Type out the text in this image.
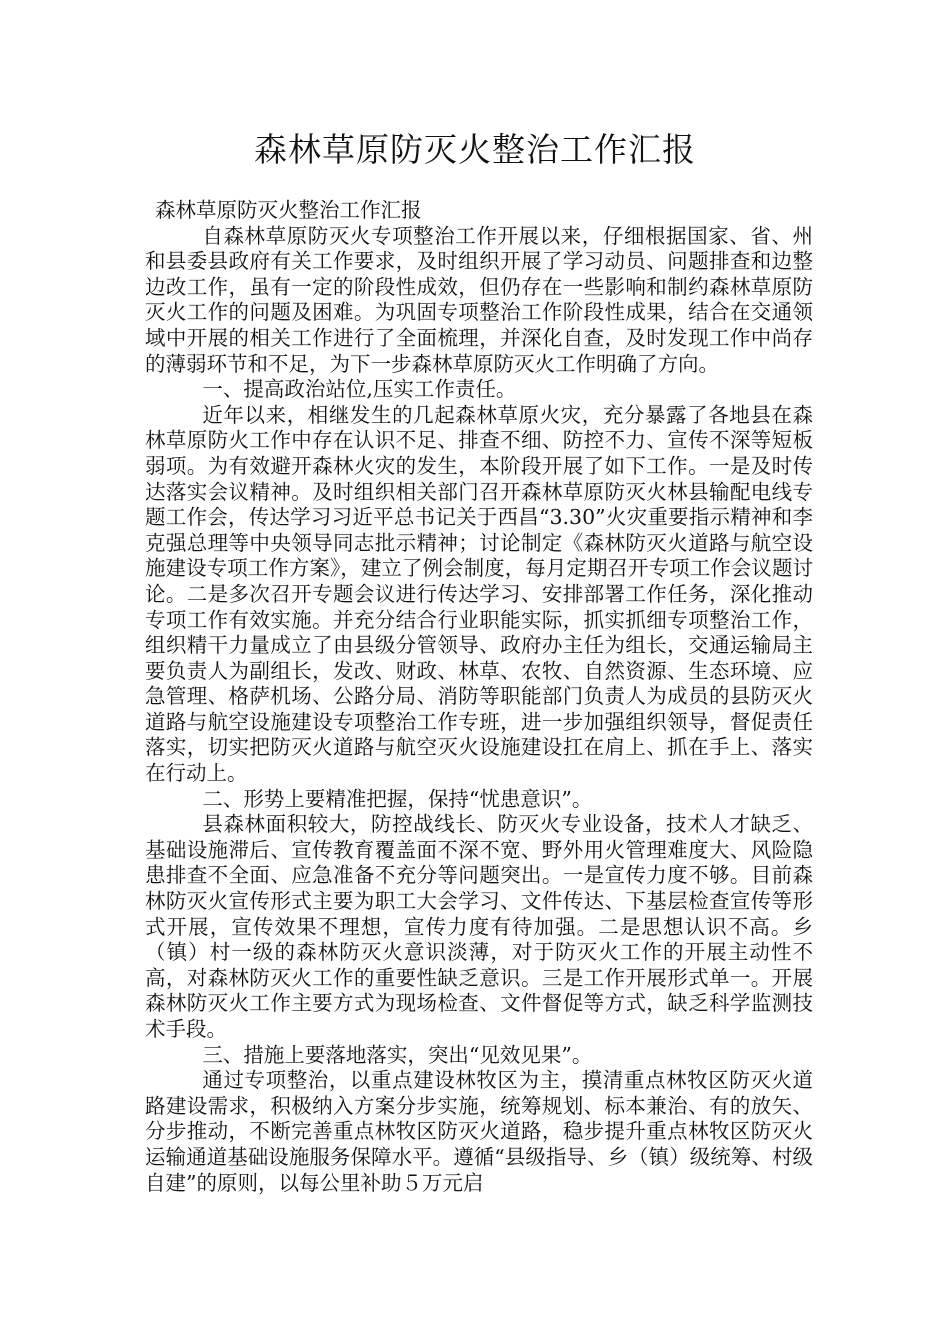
森林草原防灭火整治工作汇报

森林草原防灭火整治工作汇报

自森林草原防灭火专项整治工作开展以来，仔细根据国家、省、州和县委县政府有关工作要求，及时组织开展了学习动员、问题排查和边整边改工作，虽有一定的阶段性成效，但仍存在一些影响和制约森林草原防灭火工作的问题及困难。为巩固专项整治工作阶段性成果，结合在交通领域中开展的相关工作进行了全面梳理，并深化自查，及时发现工作中尚存的薄弱环节和不足，为下一步森林草原防灭火工作明确了方向。

一、提高政治站位,压实工作责任。

近年以来，相继发生的几起森林草原火灾，充分暴露了各地县在森林草原防火工作中存在认识不足、排查不细、防控不力、宣传不深等短板弱项。为有效避开森林火灾的发生，本阶段开展了如下工作。一是及时传达落实会议精神。及时组织相关部门召开森林草原防灭火林县输配电线专题工作会，传达学习习近平总书记关于西昌“3.30”火灾重要指示精神和李克强总理等中央领导同志批示精神；讨论制定《森林防灭火道路与航空设施建设专项工作方案》，建立了例会制度，每月定期召开专项工作会议题讨论。二是多次召开专题会议进行传达学习、安排部署工作任务，深化推动专项工作有效实施。并充分结合行业职能实际，抓实抓细专项整治工作，组织精干力量成立了由县级分管领导、政府办主任为组长，交通运输局主要负责人为副组长，发改、财政、林草、农牧、自然资源、生态环境、应急管理、格萨机场、公路分局、消防等职能部门负责人为成员的县防灭火道路与航空设施建设专项整治工作专班，进一步加强组织领导，督促责任落实，切实把防灭火道路与航空灭火设施建设扛在肩上、抓在手上、落实在行动上。

二、形势上要精准把握，保持“忧患意识”。

县森林面积较大，防控战线长、防灭火专业设备，技术人才缺乏、基础设施滞后、宣传教育覆盖面不深不宽、野外用火管理难度大、风险隐患排查不全面、应急准备不充分等问题突出。一是宣传力度不够。目前森林防灭火宣传形式主要为职工大会学习、文件传达、下基层检查宣传等形式开展，宣传效果不理想，宣传力度有待加强。二是思想认识不高。乡（镇）村一级的森林防灭火意识淡薄，对于防灭火工作的开展主动性不高，对森林防灭火工作的重要性缺乏意识。三是工作开展形式单一。开展森林防灭火工作主要方式为现场检查、文件督促等方式，缺乏科学监测技术手段。

三、措施上要落地落实，突出“见效见果”。

通过专项整治，以重点建设林牧区为主，摸清重点林牧区防灭火道路建设需求，积极纳入方案分步实施，统筹规划、标本兼治、有的放矢、分步推动，不断完善重点林牧区防灭火道路，稳步提升重点林牧区防灭火运输通道基础设施服务保障水平。遵循“县级指导、乡（镇）级统筹、村级自建”的原则，以每公里补助５万元启
